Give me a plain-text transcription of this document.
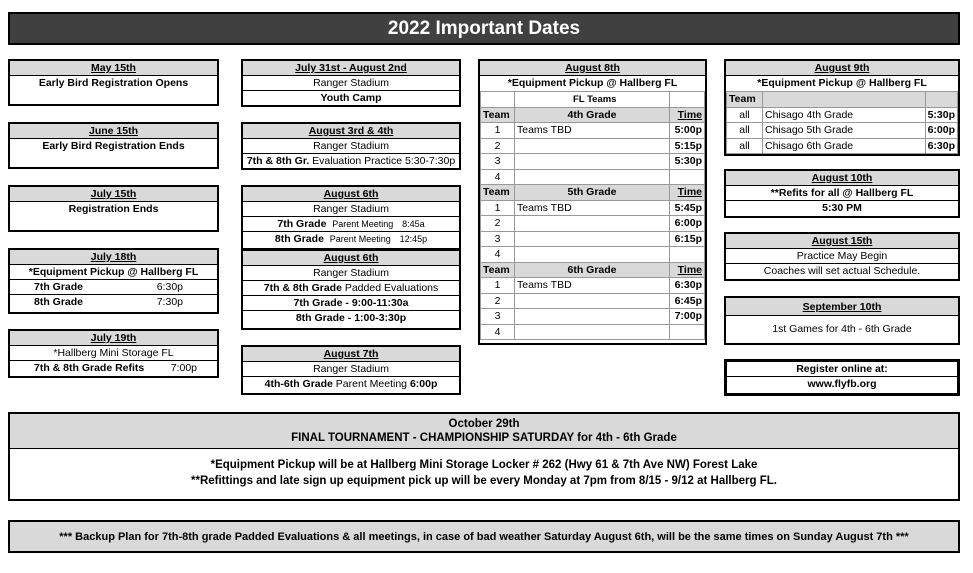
2022 Important Dates
May 15th
Early Bird Registration Opens
June 15th
Early Bird Registration Ends
July 15th
Registration Ends
July 18th
*Equipment Pickup @ Hallberg FL
7th Grade	6:30p
8th Grade	7:30p
July 19th
*Hallberg Mini Storage FL
7th & 8th Grade Refits	7:00p
July 31st - August 2nd
Ranger Stadium
Youth Camp
August 3rd & 4th
Ranger Stadium
7th & 8th Gr. Evaluation Practice 5:30-7:30p
August 6th
Ranger Stadium
7th Grade Parent Meeting 8:45a
8th Grade Parent Meeting 12:45p
August 6th
Ranger Stadium
7th & 8th Grade Padded Evaluations
7th Grade - 9:00-11:30a
8th Grade - 1:00-3:30p
August 7th
Ranger Stadium
4th-6th Grade Parent Meeting 6:00p
August 8th
*Equipment Pickup @ Hallberg FL
	FL Teams	
Team	4th Grade	Time
1	Teams TBD	5:00p
2		5:15p
3		5:30p
4		
Team	5th Grade	Time
1	Teams TBD	5:45p
2		6:00p
3		6:15p
4		
Team	6th Grade	Time
1	Teams TBD	6:30p
2		6:45p
3		7:00p
4		
August 9th
*Equipment Pickup @ Hallberg FL
Team		
all	Chisago 4th Grade	5:30p
all	Chisago 5th Grade	6:00p
all	Chisago 6th Grade	6:30p
August 10th
**Refits for all @ Hallberg FL
5:30 PM
August 15th
Practice May Begin
Coaches will set actual Schedule.
September 10th
1st Games for 4th - 6th Grade
Register online at:
www.flyfb.org
October 29th
FINAL TOURNAMENT - CHAMPIONSHIP SATURDAY for 4th - 6th Grade
*Equipment Pickup will be at Hallberg Mini Storage Locker # 262 (Hwy 61 & 7th Ave NW) Forest Lake
**Refittings and late sign up equipment pick up will be every Monday at 7pm from 8/15 - 9/12 at Hallberg FL.
*** Backup Plan for 7th-8th grade Padded Evaluations & all meetings, in case of bad weather Saturday August 6th, will be the same times on Sunday August 7th ***
